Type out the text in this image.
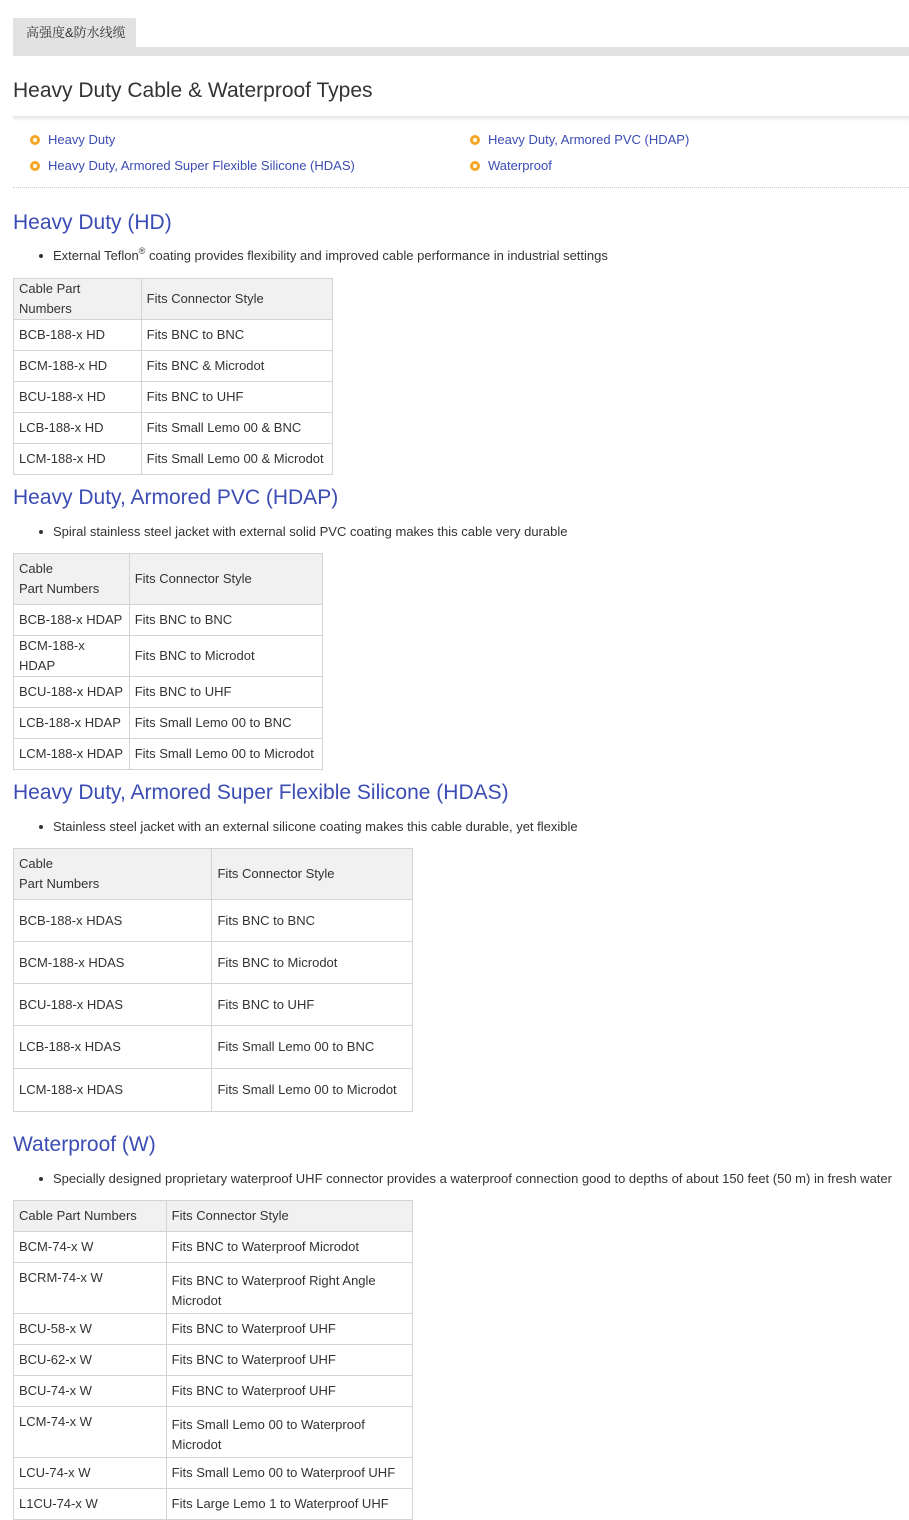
高强度&防水线缆
Heavy Duty Cable & Waterproof Types
Heavy Duty	Heavy Duty, Armored PVC (HDAP)
Heavy Duty, Armored Super Flexible Silicone (HDAS)	Waterproof
Heavy Duty (HD)
External Teflon® coating provides flexibility and improved cable performance in industrial settings
Cable Part Numbers	Fits Connector Style
BCB-188-x HD	Fits BNC to BNC
BCM-188-x HD	Fits BNC & Microdot
BCU-188-x HD	Fits BNC to UHF
LCB-188-x HD	Fits Small Lemo 00 & BNC
LCM-188-x HD	Fits Small Lemo 00 & Microdot
Heavy Duty, Armored PVC (HDAP)
Spiral stainless steel jacket with external solid PVC coating makes this cable very durable
Cable
Part Numbers	Fits Connector Style
BCB-188-x HDAP	Fits BNC to BNC
BCM-188-x HDAP	Fits BNC to Microdot
BCU-188-x HDAP	Fits BNC to UHF
LCB-188-x HDAP	Fits Small Lemo 00 to BNC
LCM-188-x HDAP	Fits Small Lemo 00 to Microdot
Heavy Duty, Armored Super Flexible Silicone (HDAS)
Stainless steel jacket with an external silicone coating makes this cable durable, yet flexible
Cable
Part Numbers	Fits Connector Style
BCB-188-x HDAS	Fits BNC to BNC
BCM-188-x HDAS	Fits BNC to Microdot
BCU-188-x HDAS	Fits BNC to UHF
LCB-188-x HDAS	Fits Small Lemo 00 to BNC
LCM-188-x HDAS	Fits Small Lemo 00 to Microdot
Waterproof (W)
Specially designed proprietary waterproof UHF connector provides a waterproof connection good to depths of about 150 feet (50 m) in fresh water
Cable Part Numbers	Fits Connector Style
BCM-74-x W	Fits BNC to Waterproof Microdot
BCRM-74-x W	Fits BNC to Waterproof Right Angle
Microdot
BCU-58-x W	Fits BNC to Waterproof UHF
BCU-62-x W	Fits BNC to Waterproof UHF
BCU-74-x W	Fits BNC to Waterproof UHF
LCM-74-x W	Fits Small Lemo 00 to Waterproof
Microdot
LCU-74-x W	Fits Small Lemo 00 to Waterproof UHF
L1CU-74-x W	Fits Large Lemo 1 to Waterproof UHF
